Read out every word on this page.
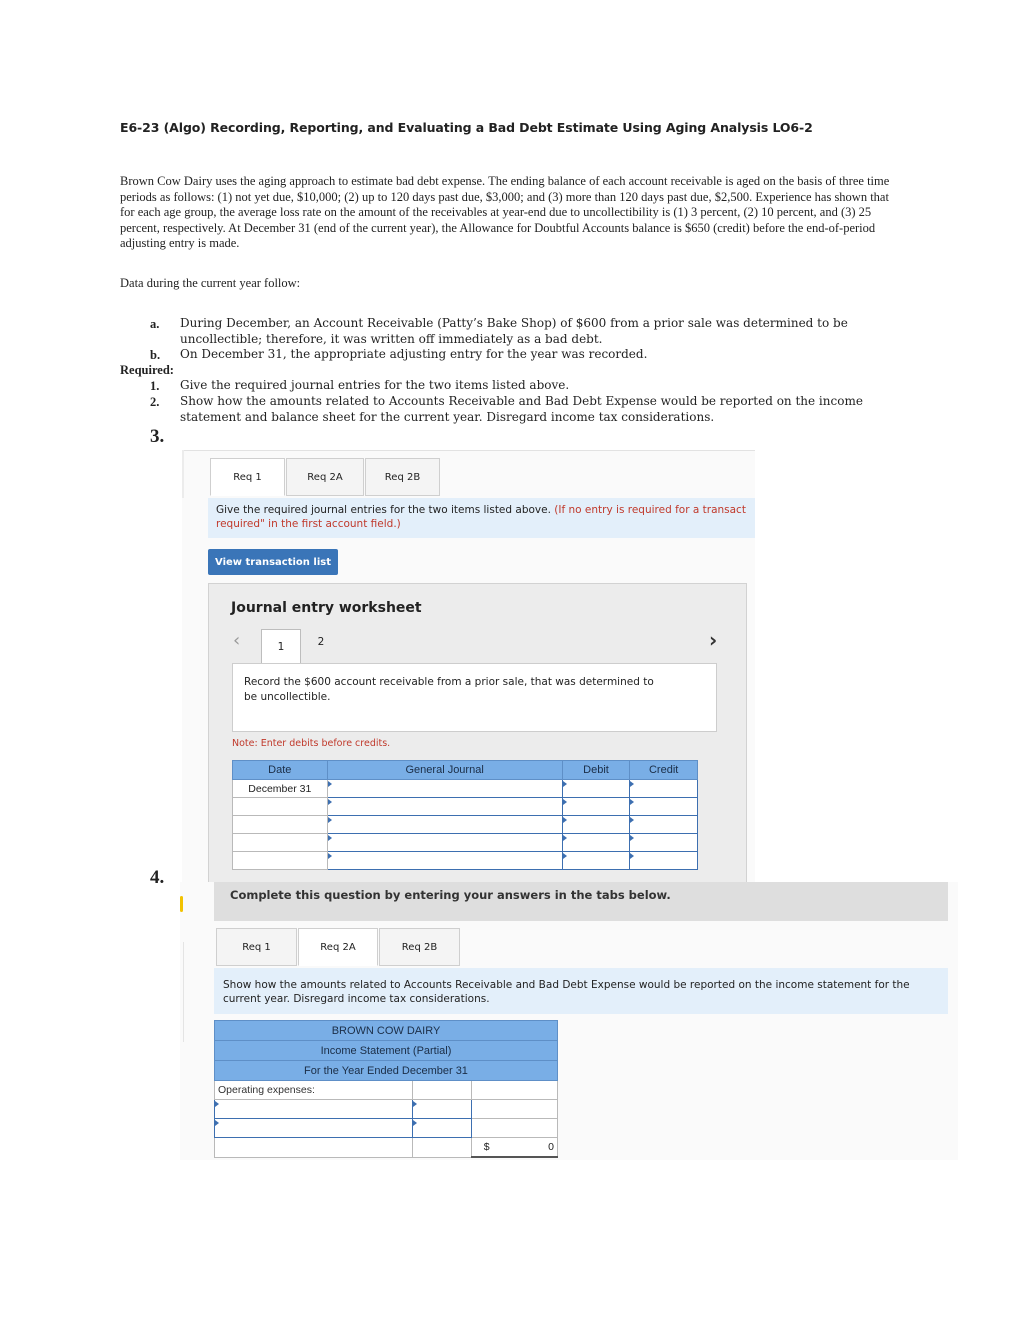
E6-23 (Algo) Recording, Reporting, and Evaluating a Bad Debt Estimate Using Aging Analysis LO6-2
Brown Cow Dairy uses the aging approach to estimate bad debt expense. The ending balance of each account receivable is aged on the basis of three time periods as follows: (1) not yet due, $10,000; (2) up to 120 days past due, $3,000; and (3) more than 120 days past due, $2,500. Experience has shown that for each age group, the average loss rate on the amount of the receivables at year-end due to uncollectibility is (1) 3 percent, (2) 10 percent, and (3) 25 percent, respectively. At December 31 (end of the current year), the Allowance for Doubtful Accounts balance is $650 (credit) before the end-of-period adjusting entry is made.
Data during the current year follow:
a. During December, an Account Receivable (Patty’s Bake Shop) of $600 from a prior sale was determined to be uncollectible; therefore, it was written off immediately as a bad debt.
b. On December 31, the appropriate adjusting entry for the year was recorded.
Required:
1. Give the required journal entries for the two items listed above.
2. Show how the amounts related to Accounts Receivable and Bad Debt Expense would be reported on the income statement and balance sheet for the current year. Disregard income tax considerations.
3.
4.
Req 1	Req 2A	Req 2B
Give the required journal entries for the two items listed above. (If no entry is required for a transact
required" in the first account field.)
View transaction list
Journal entry worksheet
‹	1	2	›
Record the $600 account receivable from a prior sale, that was determined to be uncollectible.
Note: Enter debits before credits.
Date	General Journal	Debit	Credit
December 31			

Complete this question by entering your answers in the tabs below.
Req 1	Req 2A	Req 2B
Show how the amounts related to Accounts Receivable and Bad Debt Expense would be reported on the income statement for the current year. Disregard income tax considerations.
BROWN COW DAIRY		
Income Statement (Partial)		
For the Year Ended December 31		
Operating expenses:		

		$ 0
